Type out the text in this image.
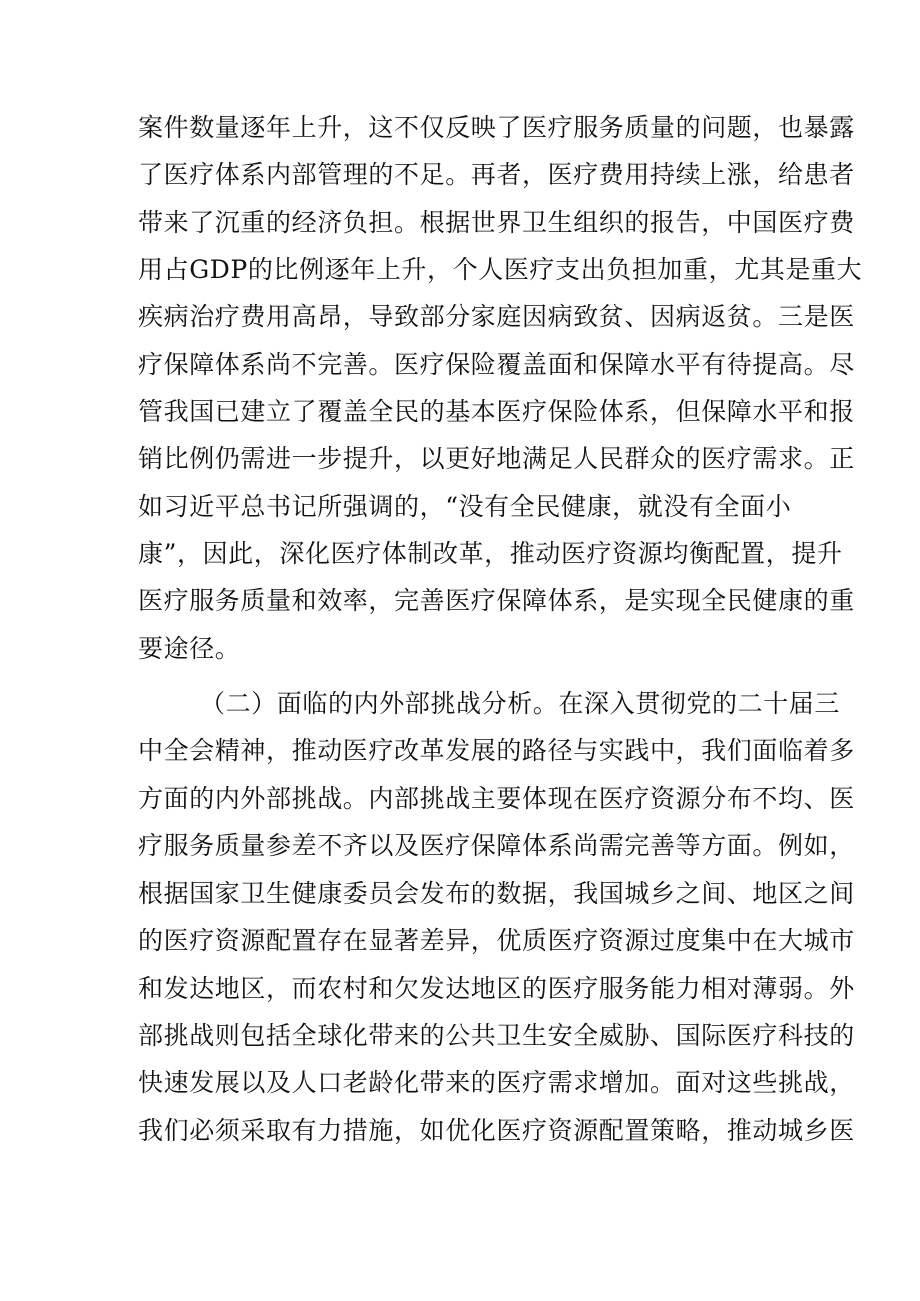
案件数量逐年上升，这不仅反映了医疗服务质量的问题，也暴露
了医疗体系内部管理的不足。再者，医疗费用持续上涨，给患者
带来了沉重的经济负担。根据世界卫生组织的报告，中国医疗费
用占GDP的比例逐年上升，个人医疗支出负担加重，尤其是重大
疾病治疗费用高昂，导致部分家庭因病致贫、因病返贫。三是医
疗保障体系尚不完善。医疗保险覆盖面和保障水平有待提高。尽
管我国已建立了覆盖全民的基本医疗保险体系，但保障水平和报
销比例仍需进一步提升，以更好地满足人民群众的医疗需求。正
如习近平总书记所强调的，“没有全民健康，就没有全面小
康”，因此，深化医疗体制改革，推动医疗资源均衡配置，提升
医疗服务质量和效率，完善医疗保障体系，是实现全民健康的重
要途径。
（二）面临的内外部挑战分析。在深入贯彻党的二十届三
中全会精神，推动医疗改革发展的路径与实践中，我们面临着多
方面的内外部挑战。内部挑战主要体现在医疗资源分布不均、医
疗服务质量参差不齐以及医疗保障体系尚需完善等方面。例如，
根据国家卫生健康委员会发布的数据，我国城乡之间、地区之间
的医疗资源配置存在显著差异，优质医疗资源过度集中在大城市
和发达地区，而农村和欠发达地区的医疗服务能力相对薄弱。外
部挑战则包括全球化带来的公共卫生安全威胁、国际医疗科技的
快速发展以及人口老龄化带来的医疗需求增加。面对这些挑战，
我们必须采取有力措施，如优化医疗资源配置策略，推动城乡医
